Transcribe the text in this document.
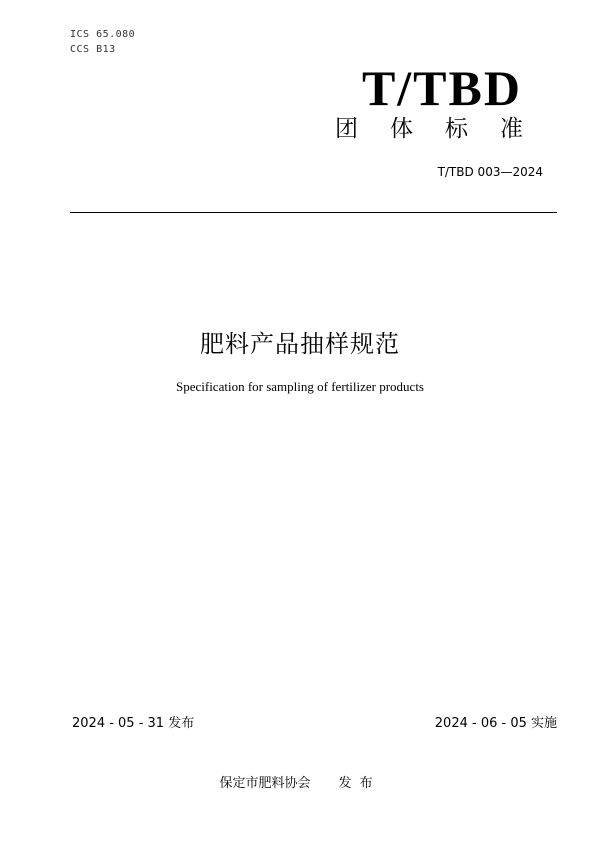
ICS 65.080
CCS B13
T/TBD
团体标准
T/TBD 003—2024
肥料产品抽样规范
Specification for sampling of fertilizer products
2024 - 05 - 31 发布	2024 - 06 - 05 实施
保定市肥料协会 发布
